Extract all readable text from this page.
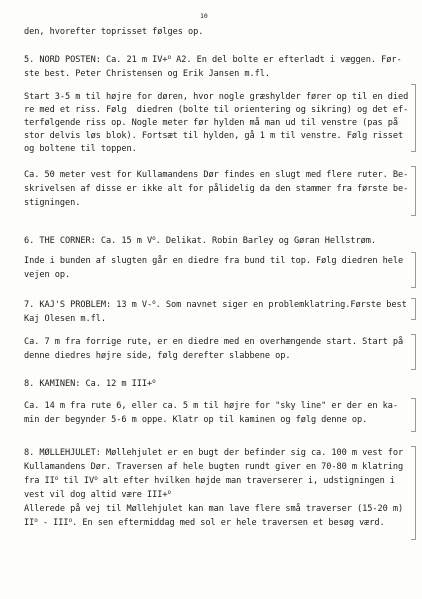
10
den, hvorefter toprisset følges op.
5. NORD POSTEN: Ca. 21 m IV+$^o$ A2. En del bolte er efterladt i væggen. Før-
ste best. Peter Christensen og Erik Jansen m.fl.
Start 3-5 m til højre for døren, hvor nogle græshylder fører op til en died
re med et riss. Følg  diedren (bolte til orientering og sikring) og det ef-
terfølgende riss op. Nogle meter før hylden må man ud til venstre (pas på
stor delvis løs blok). Fortsæt til hylden, gå 1 m til venstre. Følg risset
og boltene til toppen.
Ca. 50 meter vest for Kullamandens Dør findes en slugt med flere ruter. Be-
skrivelsen af disse er ikke alt for pålidelig da den stammer fra første be-
stigningen.
6. THE CORNER: Ca. 15 m $V^o$. Delikat. Robin Barley og Gøran Hellstrøm.
Inde i bunden af slugten går en diedre fra bund til top. Følg diedren hele
vejen op.
7. KAJ'S PROBLEM: 13 m V-$^o$. Som navnet siger en problemklatring.Første best
Kaj Olesen m.fl.
Ca. 7 m fra forrige rute, er en diedre med en overhængende start. Start på
denne diedres højre side, følg derefter slabbene op.
8. KAMINEN: Ca. 12 m III+$^o$
Ca. 14 m fra rute 6, eller ca. 5 m til højre for "sky line" er der en ka-
min der begynder 5-6 m oppe. Klatr op til kaminen og følg denne op.
8. MØLLEHJULET: Møllehjulet er en bugt der befinder sig ca. 100 m vest for
Kullamandens Dør. Traversen af hele bugten rundt giver en 70-80 m klatring
fra $II^o$ til $IV^o$ alt efter hvilken højde man traverserer i, udstigningen i
vest vil dog altid være III+$^o$
Allerede på vej til Møllehjulet kan man lave flere små traverser (15-20 m)
$II^o - III^o$. En sen eftermiddag med sol er hele traversen et besøg værd.
